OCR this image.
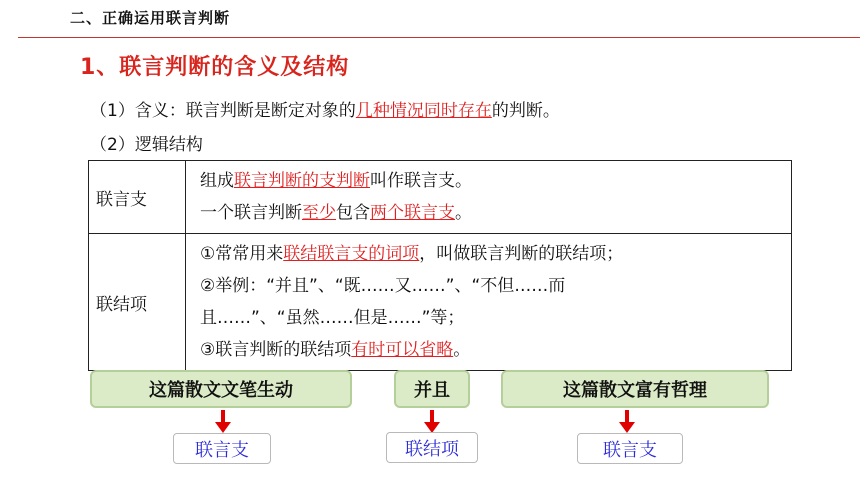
二、正确运用联言判断
1、联言判断的含义及结构
（1）含义：联言判断是断定对象的几种情况同时存在的判断。
（2）逻辑结构
联言支	组成联言判断的支判断叫作联言支。
一个联言判断至少包含两个联言支。

联结项	①常常用来联结联言支的词项，叫做联言判断的联结项；
②举例：“并且”、“既……又……”、“不但……而
且……”、“虽然……但是……”等；
③联言判断的联结项有时可以省略。
这篇散文文笔生动	并且	这篇散文富有哲理
联言支	联结项	联言支
